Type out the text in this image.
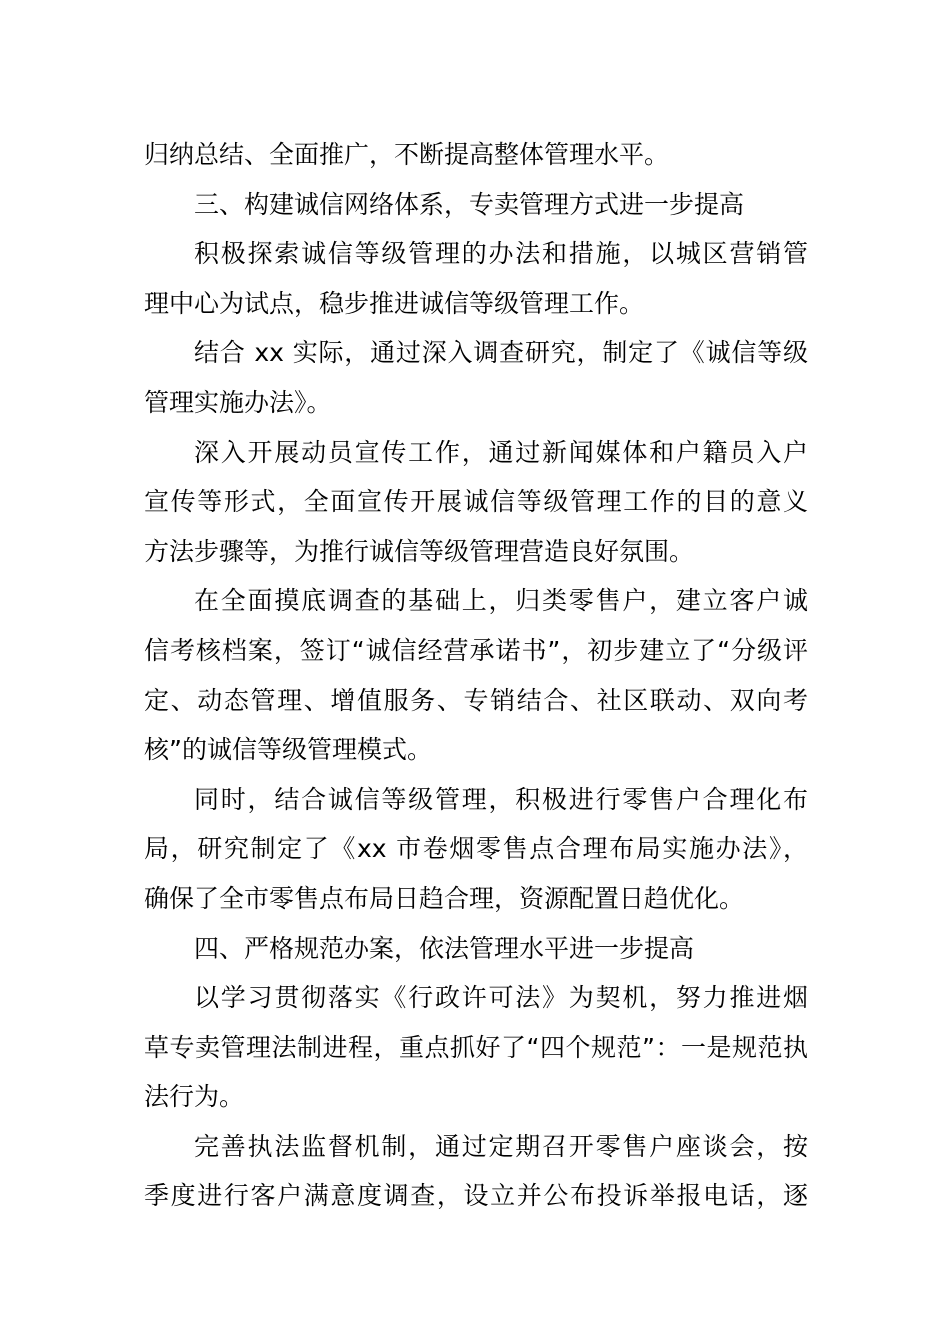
归纳总结、全面推广，不断提高整体管理水平。

三、构建诚信网络体系，专卖管理方式进一步提高

积极探索诚信等级管理的办法和措施，以城区营销管
理中心为试点，稳步推进诚信等级管理工作。

结合 xx 实际，通过深入调查研究，制定了《诚信等级
管理实施办法》。

深入开展动员宣传工作，通过新闻媒体和户籍员入户
宣传等形式，全面宣传开展诚信等级管理工作的目的意义
方法步骤等，为推行诚信等级管理营造良好氛围。

在全面摸底调查的基础上，归类零售户，建立客户诚
信考核档案，签订“诚信经营承诺书”，初步建立了“分级评
定、动态管理、增值服务、专销结合、社区联动、双向考
核”的诚信等级管理模式。

同时，结合诚信等级管理，积极进行零售户合理化布
局，研究制定了《xx 市卷烟零售点合理布局实施办法》，
确保了全市零售点布局日趋合理，资源配置日趋优化。

四、严格规范办案，依法管理水平进一步提高

以学习贯彻落实《行政许可法》为契机，努力推进烟
草专卖管理法制进程，重点抓好了“四个规范”：一是规范执
法行为。

完善执法监督机制，通过定期召开零售户座谈会，按
季度进行客户满意度调查，设立并公布投诉举报电话，逐
